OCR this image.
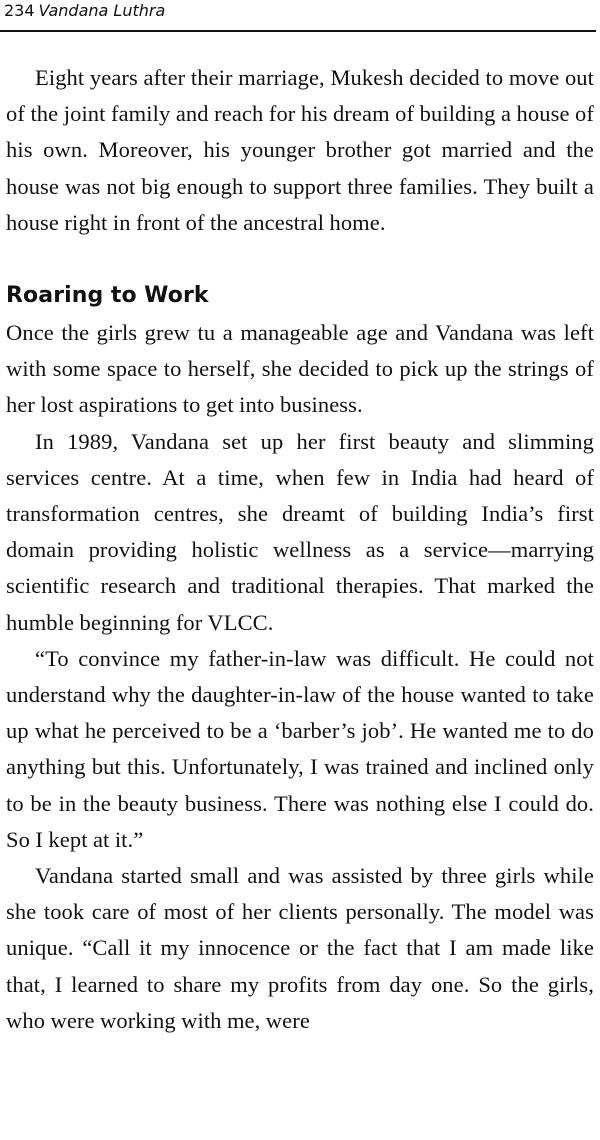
234 Vandana Luthra

Eight years after their marriage, Mukesh decided to move out of the joint family and reach for his dream of building a house of his own. Moreover, his younger brother got married and the house was not big enough to support three families. They built a house right in front of the ancestral home.

Roaring to Work

Once the girls grew tu a manageable age and Vandana was left with some space to herself, she decided to pick up the strings of her lost aspirations to get into business.

In 1989, Vandana set up her first beauty and slimming services centre. At a time, when few in India had heard of transformation centres, she dreamt of building India’s first domain providing holistic wellness as a service—marrying scientific research and traditional therapies. That marked the humble beginning for VLCC.

“To convince my father-in-law was difficult. He could not understand why the daughter-in-law of the house wanted to take up what he perceived to be a ‘barber’s job’. He wanted me to do anything but this. Unfortunately, I was trained and inclined only to be in the beauty business. There was nothing else I could do. So I kept at it.”

Vandana started small and was assisted by three girls while she took care of most of her clients personally. The model was unique. “Call it my innocence or the fact that I am made like that, I learned to share my profits from day one. So the girls, who were working with me, were
